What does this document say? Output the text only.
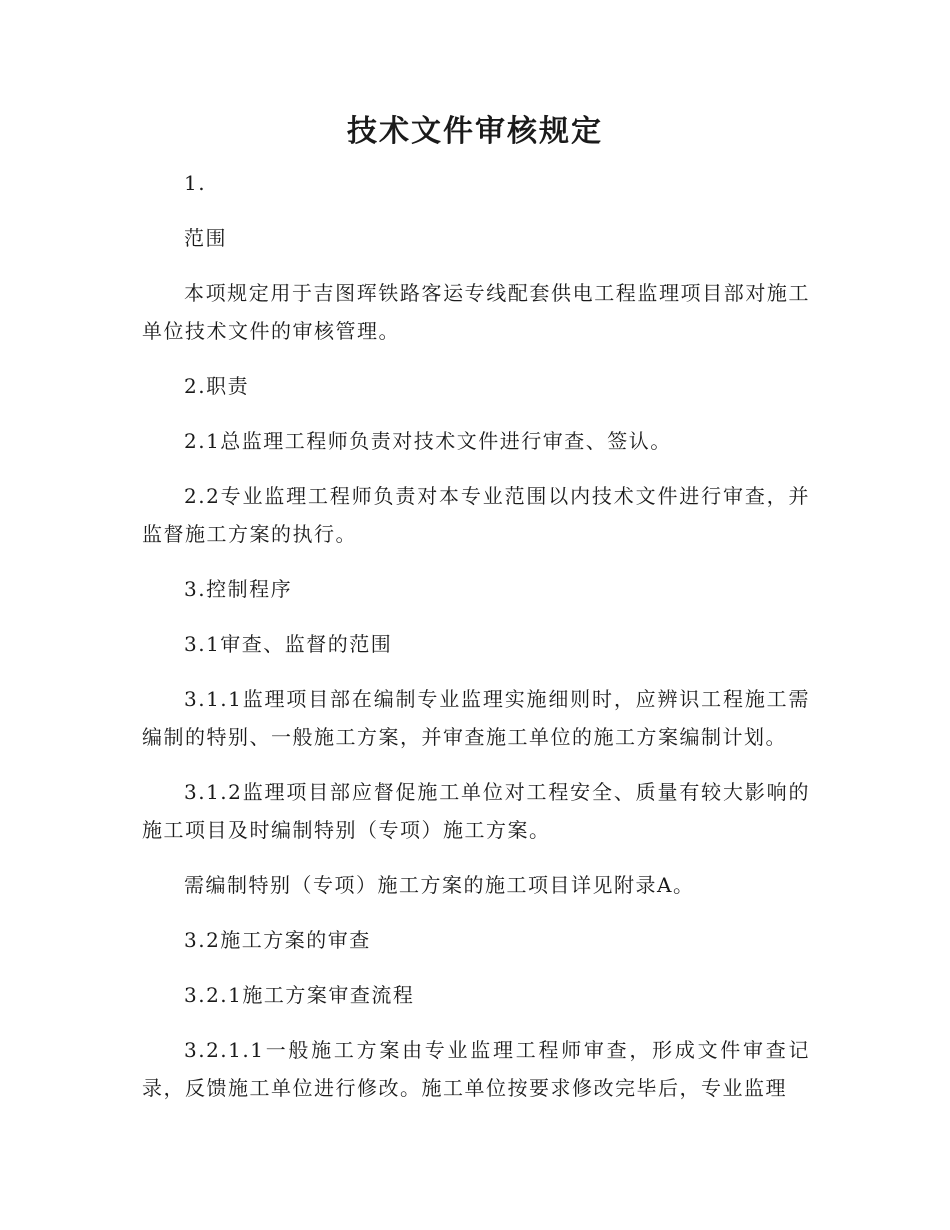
技术文件审核规定

1.

范围

本项规定用于吉图珲铁路客运专线配套供电工程监理项目部对施工单位技术文件的审核管理。

2.职责

2.1总监理工程师负责对技术文件进行审查、签认。

2.2专业监理工程师负责对本专业范围以内技术文件进行审查，并监督施工方案的执行。

3.控制程序

3.1审查、监督的范围

3.1.1监理项目部在编制专业监理实施细则时，应辨识工程施工需编制的特别、一般施工方案，并审查施工单位的施工方案编制计划。

3.1.2监理项目部应督促施工单位对工程安全、质量有较大影响的施工项目及时编制特别（专项）施工方案。

需编制特别（专项）施工方案的施工项目详见附录A。

3.2施工方案的审查

3.2.1施工方案审查流程

3.2.1.1一般施工方案由专业监理工程师审查，形成文件审查记录，反馈施工单位进行修改。施工单位按要求修改完毕后，专业监理
